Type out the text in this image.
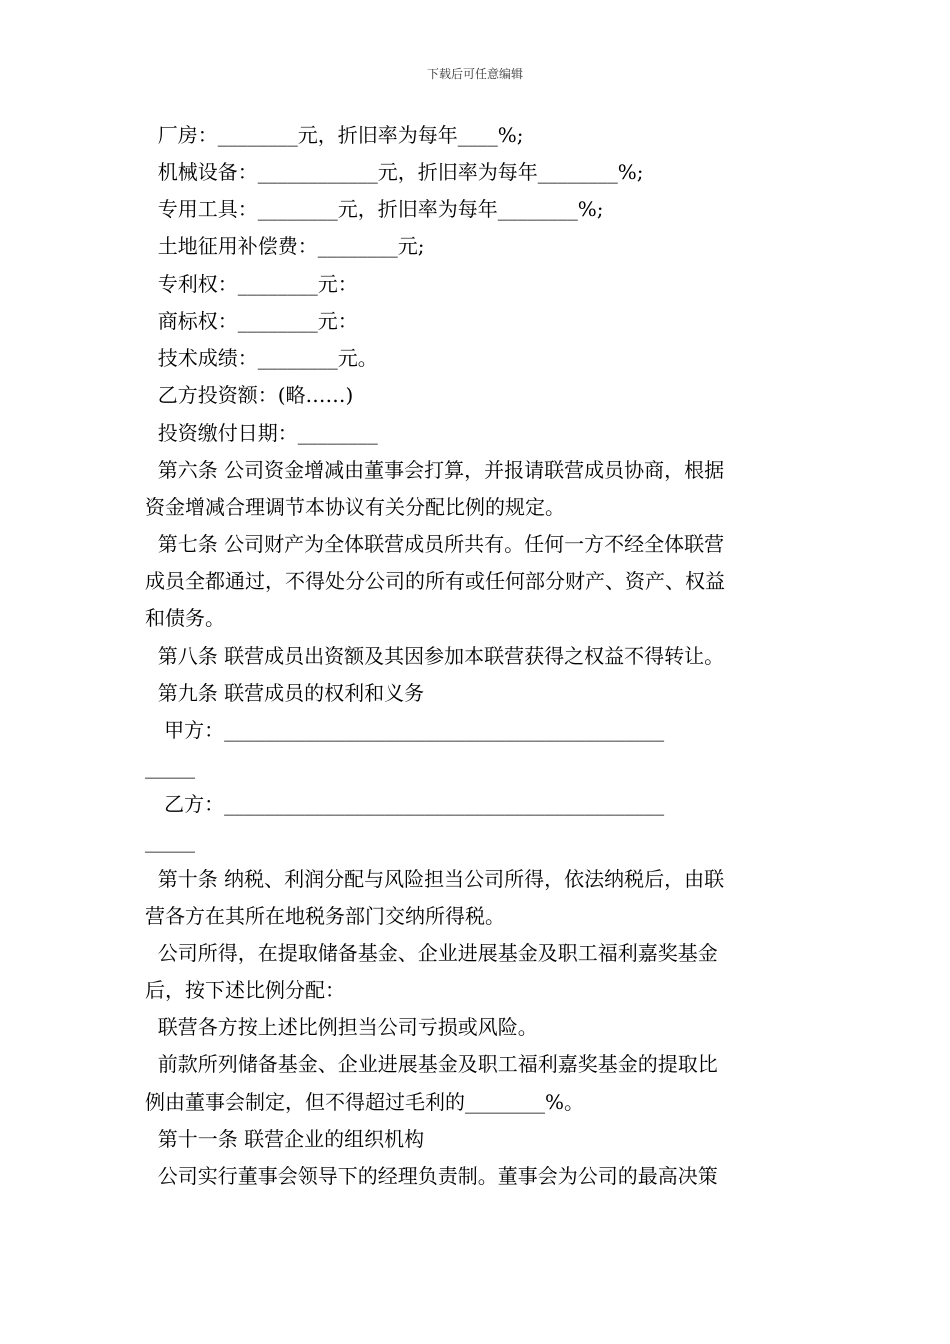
下载后可任意编辑
厂房：________元，折旧率为每年____%;
机械设备：____________元，折旧率为每年________%;
专用工具：________元，折旧率为每年________%;
土地征用补偿费：________元;
专利权：________元：
商标权：________元：
技术成绩：________元。
乙方投资额：(略……)
投资缴付日期：________
第六条 公司资金增减由董事会打算，并报请联营成员协商，根据
资金增减合理调节本协议有关分配比例的规定。
第七条 公司财产为全体联营成员所共有。任何一方不经全体联营
成员全都通过，不得处分公司的所有或任何部分财产、资产、权益
和债务。
第八条 联营成员出资额及其因参加本联营获得之权益不得转让。
第九条 联营成员的权利和义务
甲方：____________________________________________
_____
乙方：____________________________________________
_____
第十条 纳税、利润分配与风险担当公司所得，依法纳税后，由联
营各方在其所在地税务部门交纳所得税。
公司所得，在提取储备基金、企业进展基金及职工福利嘉奖基金
后，按下述比例分配：
联营各方按上述比例担当公司亏损或风险。
前款所列储备基金、企业进展基金及职工福利嘉奖基金的提取比
例由董事会制定，但不得超过毛利的________%。
第十一条 联营企业的组织机构
公司实行董事会领导下的经理负责制。董事会为公司的最高决策
